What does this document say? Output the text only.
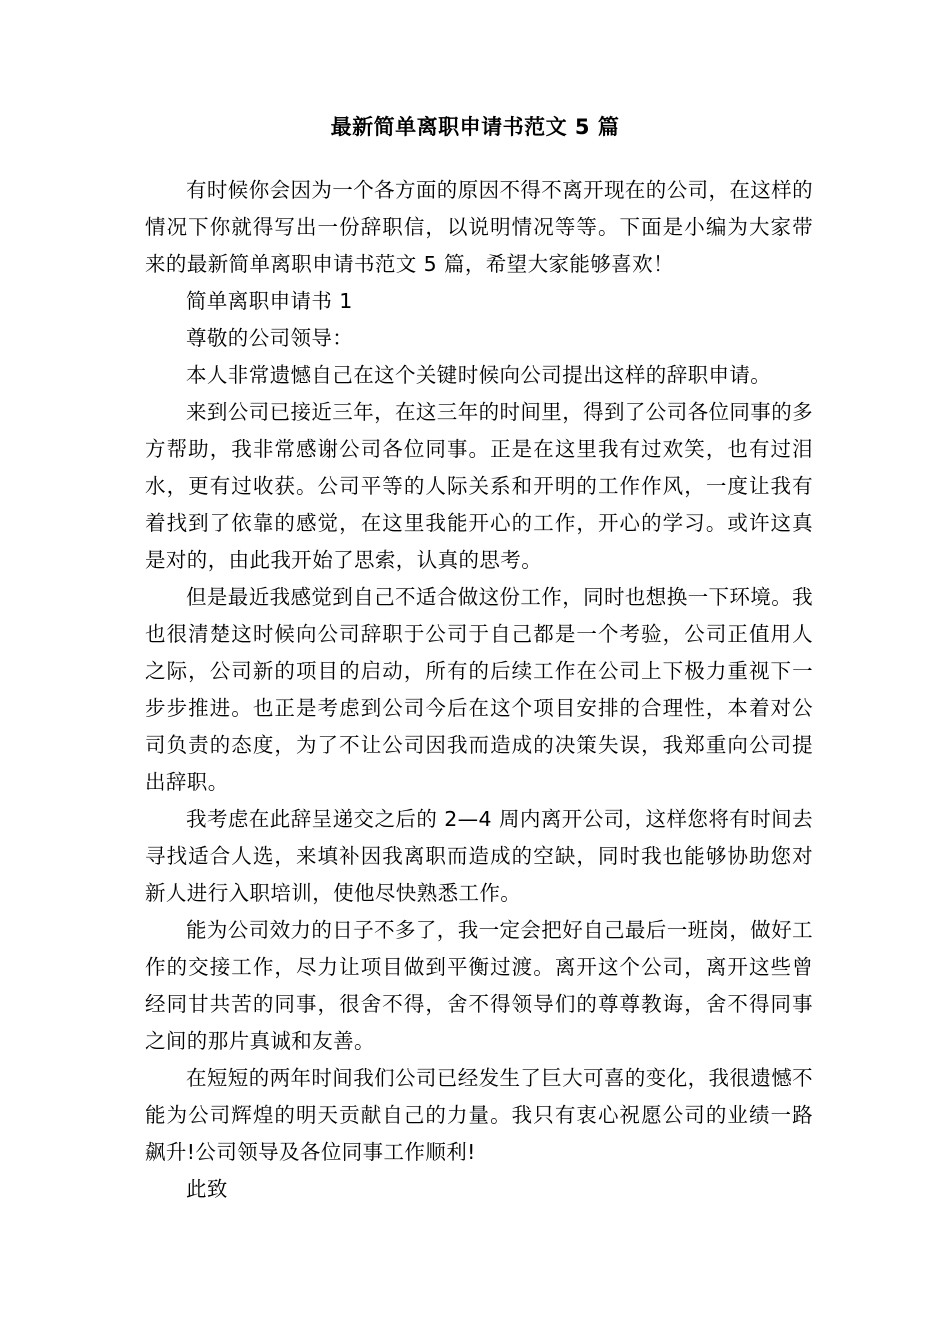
最新简单离职申请书范文 5 篇

有时候你会因为一个各方面的原因不得不离开现在的公司，在这样的情况下你就得写出一份辞职信，以说明情况等等。下面是小编为大家带来的最新简单离职申请书范文 5 篇，希望大家能够喜欢！

简单离职申请书 1

尊敬的公司领导：

本人非常遗憾自己在这个关键时候向公司提出这样的辞职申请。

来到公司已接近三年，在这三年的时间里，得到了公司各位同事的多方帮助，我非常感谢公司各位同事。正是在这里我有过欢笑，也有过泪水，更有过收获。公司平等的人际关系和开明的工作作风，一度让我有着找到了依靠的感觉，在这里我能开心的工作，开心的学习。或许这真是对的，由此我开始了思索，认真的思考。

但是最近我感觉到自己不适合做这份工作，同时也想换一下环境。我也很清楚这时候向公司辞职于公司于自己都是一个考验，公司正值用人之际，公司新的项目的启动，所有的后续工作在公司上下极力重视下一步步推进。也正是考虑到公司今后在这个项目安排的合理性，本着对公司负责的态度，为了不让公司因我而造成的决策失误，我郑重向公司提出辞职。

我考虑在此辞呈递交之后的 2—4 周内离开公司，这样您将有时间去寻找适合人选，来填补因我离职而造成的空缺，同时我也能够协助您对新人进行入职培训，使他尽快熟悉工作。

能为公司效力的日子不多了，我一定会把好自己最后一班岗，做好工作的交接工作，尽力让项目做到平衡过渡。离开这个公司，离开这些曾经同甘共苦的同事，很舍不得，舍不得领导们的尊尊教诲，舍不得同事之间的那片真诚和友善。

在短短的两年时间我们公司已经发生了巨大可喜的变化，我很遗憾不能为公司辉煌的明天贡献自己的力量。我只有衷心祝愿公司的业绩一路飙升!公司领导及各位同事工作顺利!

此致
